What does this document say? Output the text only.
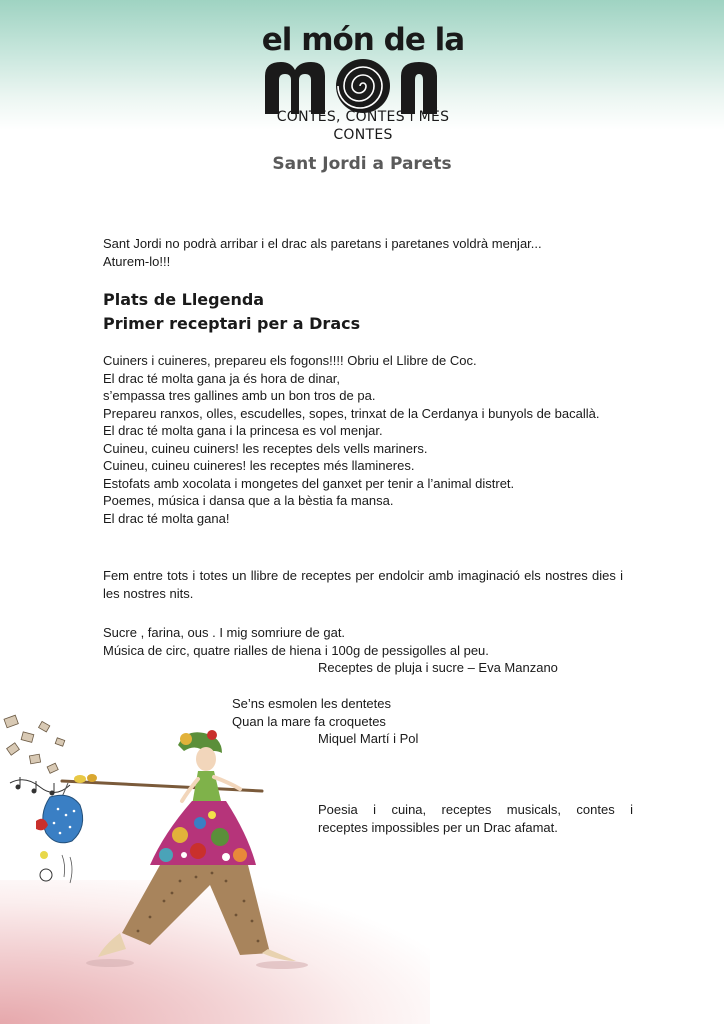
el món de la
CONTES, CONTES i MÉS CONTES
Sant Jordi a Parets
Sant Jordi no podrà arribar i el drac als paretans i paretanes voldrà menjar...
Aturem-lo!!!
Plats de Llegenda
Primer receptari per a Dracs
Cuiners i cuineres, prepareu els fogons!!!! Obriu el Llibre de Coc.
El drac té molta gana ja és hora de dinar,
s’empassa tres gallines amb un bon tros de pa.
Prepareu ranxos, olles, escudelles, sopes, trinxat de la Cerdanya i bunyols de bacallà.
El drac té molta gana i la princesa es vol menjar.
Cuineu, cuineu cuiners! les receptes dels vells mariners.
Cuineu, cuineu cuineres! les receptes més llamineres.
Estofats amb xocolata i mongetes del ganxet per tenir a l’animal distret.
Poemes, música i dansa que a la bèstia fa mansa.
El drac té molta gana!
Fem entre tots i totes un llibre de receptes per endolcir amb imaginació els nostres dies i les nostres nits.
Sucre , farina, ous . I mig somriure de gat.
Música de circ, quatre rialles de hiena i 100g de pessigolles al peu.
Receptes de pluja i sucre – Eva Manzano
Se’ns esmolen les dentetes
Quan la mare fa croquetes
Miquel Martí i Pol
Poesia i cuina, receptes musicals, contes i
receptes impossibles per un Drac afamat.
